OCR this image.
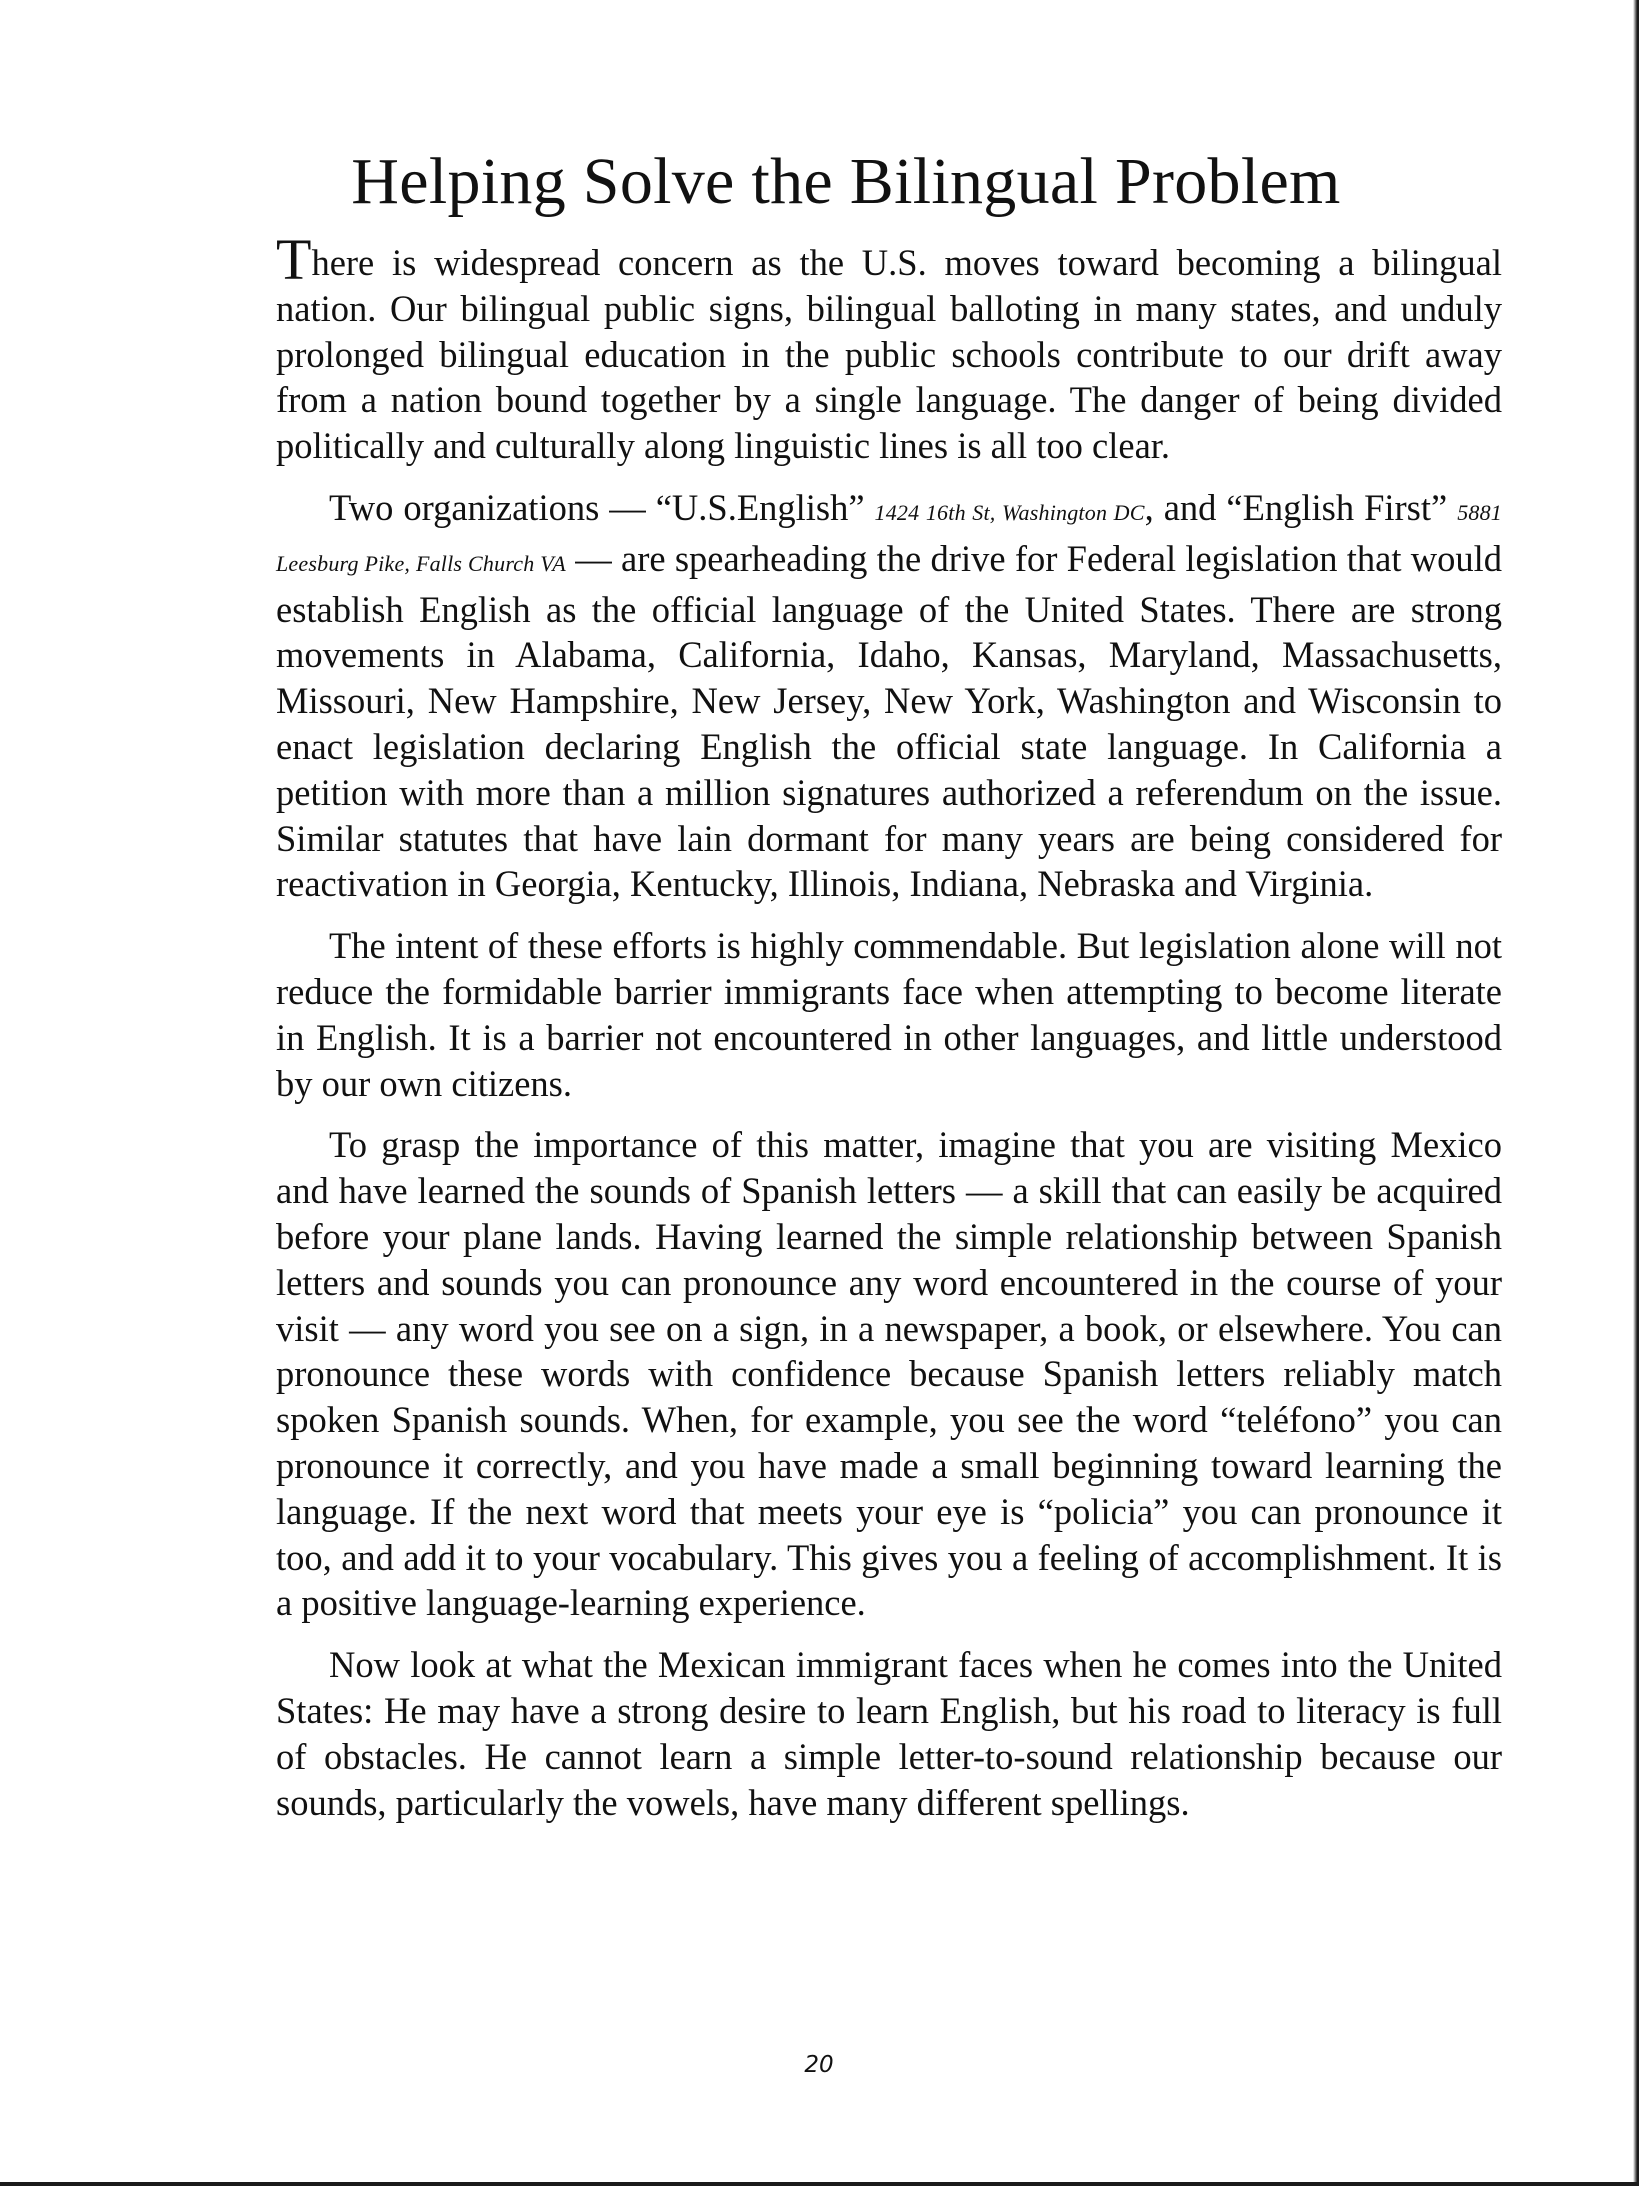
Helping Solve the Bilingual Problem

There is widespread concern as the U.S. moves toward becoming a bilingual nation. Our bilingual public signs, bilingual balloting in many states, and unduly prolonged bilingual education in the public schools contribute to our drift away from a nation bound together by a single language. The danger of being divided politically and culturally along linguistic lines is all too clear.

Two organizations — “U.S.English” 1424 16th St, Washington DC, and “English First” 5881 Leesburg Pike, Falls Church VA — are spearheading the drive for Federal legislation that would establish English as the official language of the United States. There are strong movements in Alabama, California, Idaho, Kansas, Maryland, Massachusetts, Missouri, New Hampshire, New Jersey, New York, Washington and Wisconsin to enact legislation declaring English the official state language. In California a petition with more than a million signatures authorized a referendum on the issue. Similar statutes that have lain dormant for many years are being considered for reactivation in Georgia, Kentucky, Illinois, Indiana, Nebraska and Virginia.

The intent of these efforts is highly commendable. But legislation alone will not reduce the formidable barrier immigrants face when attempting to become literate in English. It is a barrier not encountered in other languages, and little understood by our own citizens.

To grasp the importance of this matter, imagine that you are visiting Mexico and have learned the sounds of Spanish letters — a skill that can easily be acquired before your plane lands. Having learned the simple relationship between Spanish letters and sounds you can pronounce any word encountered in the course of your visit — any word you see on a sign, in a newspaper, a book, or elsewhere. You can pronounce these words with confidence because Spanish letters reliably match spoken Spanish sounds. When, for example, you see the word “teléfono” you can pronounce it correctly, and you have made a small beginning toward learning the language. If the next word that meets your eye is “policia” you can pronounce it too, and add it to your vocabulary. This gives you a feeling of accomplishment. It is a positive language-learning experience.

Now look at what the Mexican immigrant faces when he comes into the United States: He may have a strong desire to learn English, but his road to literacy is full of obstacles. He cannot learn a simple letter-to-sound relationship because our sounds, particularly the vowels, have many different spellings.

20
